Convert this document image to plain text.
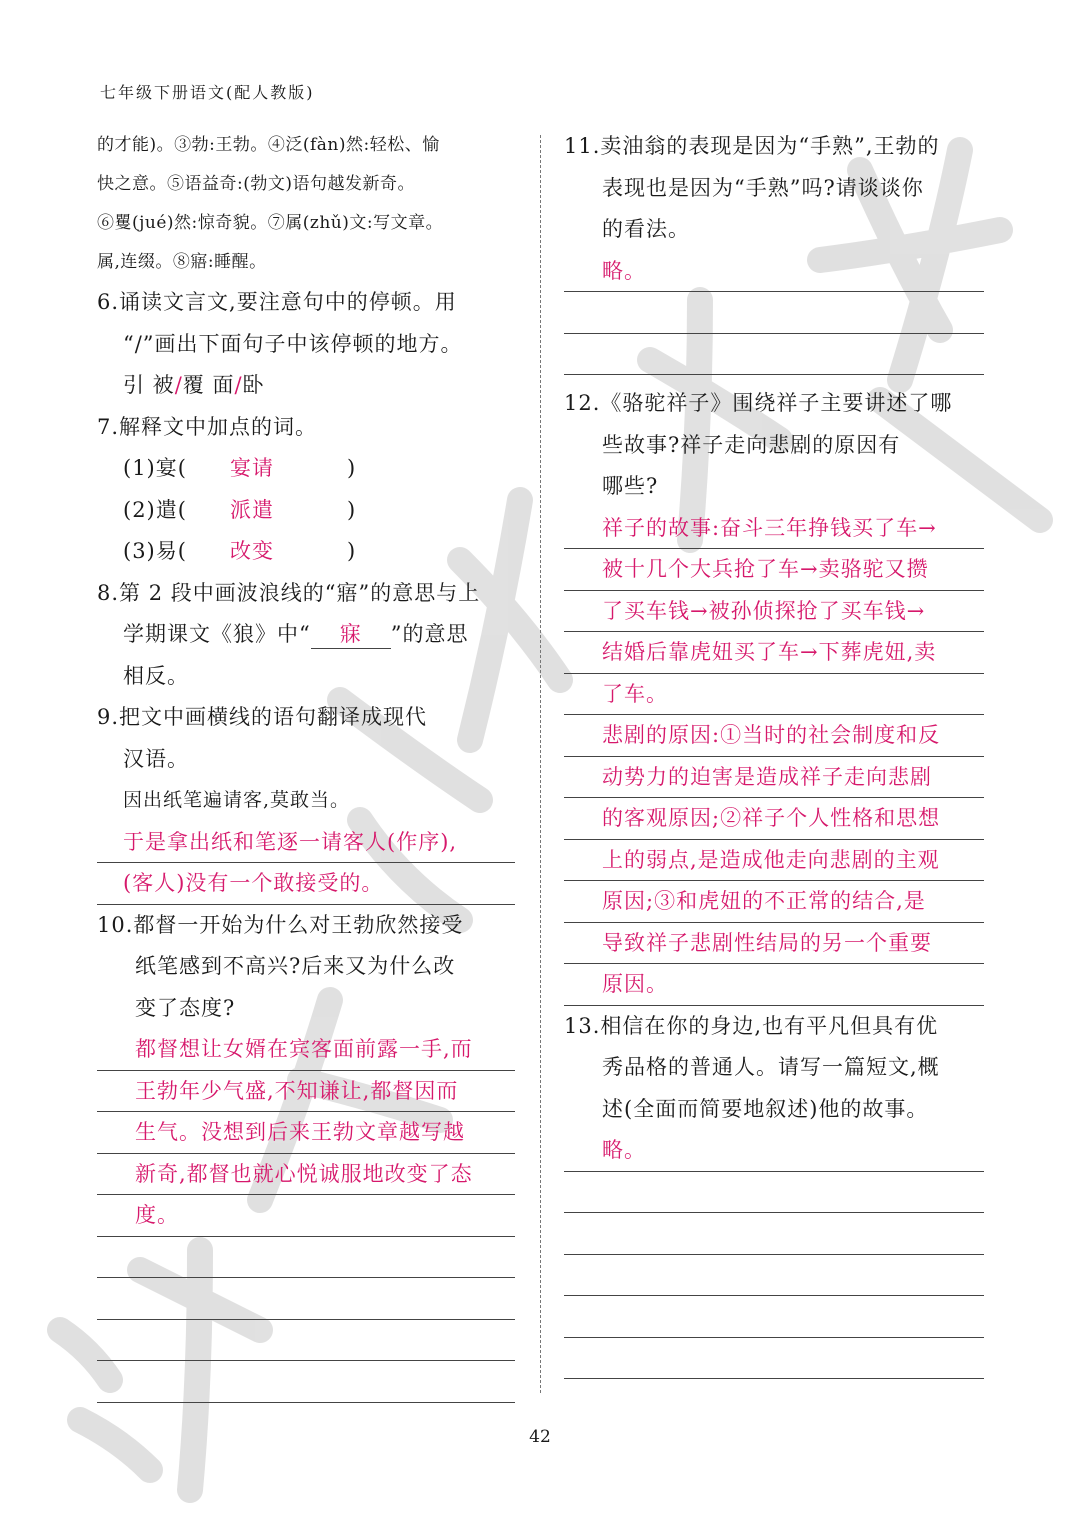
七年级下册语文(配人教版)
的才能)。③勃:王勃。④泛(fàn)然:轻松、愉
快之意。⑤语益奇:(勃文)语句越发新奇。
⑥矍(jué)然:惊奇貌。⑦属(zhǔ)文:写文章。
属,连缀。⑧寤:睡醒。
6.诵读文言文,要注意句中的停顿。用
“/”画出下面句子中该停顿的地方。
引 被/覆 面/卧
7.解释文中加点的词。
(1)宴( 宴请	)
(2)遣( 派遣	)
(3)易( 改变	)
8.第 2 段中画波浪线的“寤”的意思与上
学期课文《狼》中“ 寐 ”的意思
相反。
9.把文中画横线的语句翻译成现代
汉语。
因出纸笔遍请客,莫敢当。
于是拿出纸和笔逐一请客人(作序),
(客人)没有一个敢接受的。
10.都督一开始为什么对王勃欣然接受
纸笔感到不高兴?后来又为什么改
变了态度?
都督想让女婿在宾客面前露一手,而
王勃年少气盛,不知谦让,都督因而
生气。没想到后来王勃文章越写越
新奇,都督也就心悦诚服地改变了态
度。
11.卖油翁的表现是因为“手熟”,王勃的
表现也是因为“手熟”吗?请谈谈你
的看法。
略。
12.《骆驼祥子》围绕祥子主要讲述了哪
些故事?祥子走向悲剧的原因有
哪些?
祥子的故事:奋斗三年挣钱买了车→
被十几个大兵抢了车→卖骆驼又攒
了买车钱→被孙侦探抢了买车钱→
结婚后靠虎妞买了车→下葬虎妞,卖
了车。
悲剧的原因:①当时的社会制度和反
动势力的迫害是造成祥子走向悲剧
的客观原因;②祥子个人性格和思想
上的弱点,是造成他走向悲剧的主观
原因;③和虎妞的不正常的结合,是
导致祥子悲剧性结局的另一个重要
原因。
13.相信在你的身边,也有平凡但具有优
秀品格的普通人。请写一篇短文,概
述(全面而简要地叙述)他的故事。
略。
42
